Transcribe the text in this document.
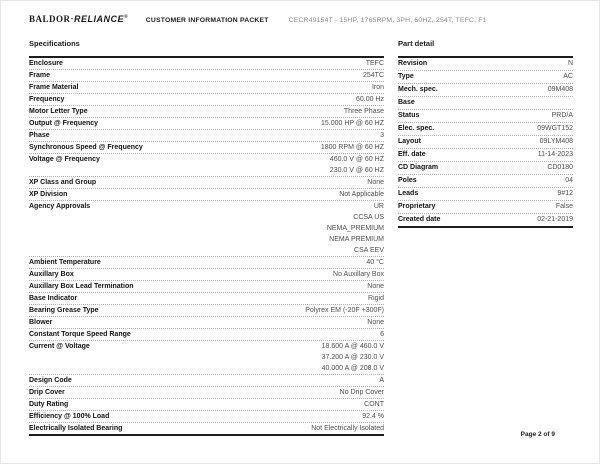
BALDOR·RELIANCE®	CUSTOMER INFORMATION PACKET	CECR49154T - 15HP, 1765RPM, 3PH, 60HZ, 254T, TEFC, F1
Specifications
Enclosure	TEFC
Frame	254TC
Frame Material	Iron
Frequency	60.00 Hz
Motor Letter Type	Three Phase
Output @ Frequency	15.000 HP @ 60 HZ
Phase	3
Synchronous Speed @ Frequency	1800 RPM @ 60 HZ
Voltage @ Frequency	460.0 V @ 60 HZ
230.0 V @ 60 HZ
XP Class and Group	None
XP Division	Not Applicable
Agency Approvals	UR
CCSA US
NEMA_PREMIUM
NEMA PREMIUM
CSA EEV
Ambient Temperature	40 °C
Auxillary Box	No Auxillary Box
Auxillary Box Lead Termination	None
Base Indicator	Rigid
Bearing Grease Type	Polyrex EM (-20F +300F)
Blower	None
Constant Torque Speed Range	6
Current @ Voltage	18.600 A @ 460.0 V
37.200 A @ 230.0 V
40.000 A @ 208.0 V
Design Code	A
Drip Cover	No Drip Cover
Duty Rating	CONT
Efficiency @ 100% Load	92.4 %
Electrically Isolated Bearing	Not Electrically Isolated
Part detail
Revision	N
Type	AC
Mech. spec.	09M408
Base
Status	PRD/A
Elec. spec.	09WGT152
Layout	09LYM408
Eff. date	11-14-2023
CD Diagram	CD0180
Poles	04
Leads	9#12
Proprietary	False
Created date	02-21-2019
Page 2 of 9
